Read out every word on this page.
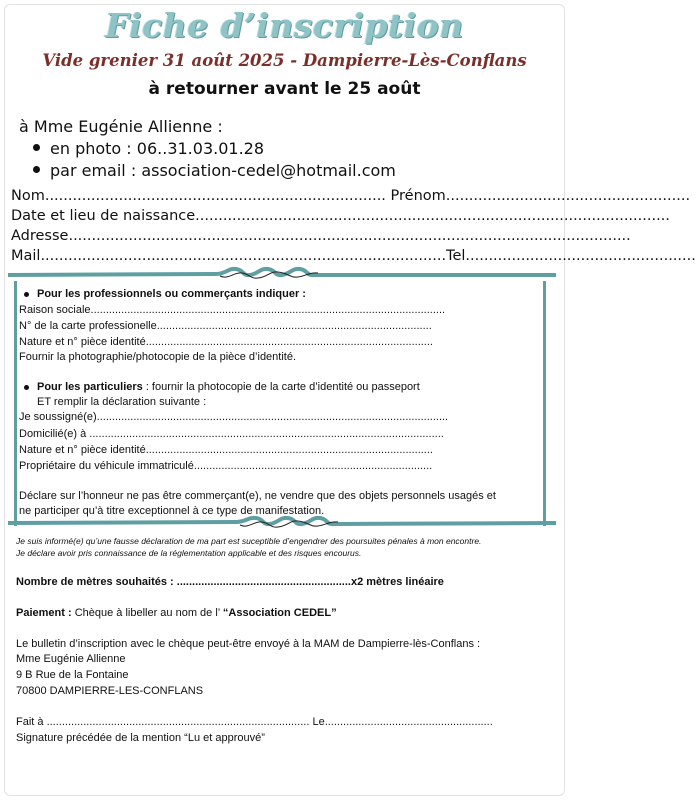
Fiche d’inscription
Vide grenier 31 août 2025 - Dampierre-Lès-Conflans
à retourner avant le 25 août
à Mme Eugénie Allienne :
en photo : 06..31.03.01.28
par email : association-cedel@hotmail.com
Nom.......................................................................... Prénom.....................................................
Date et lieu de naissance.......................................................................................................
Adresse..........................................................................................................................
Mail........................................................................................Tel..................................................
Pour les professionnels ou commerçants indiquer :
Raison sociale....................................................................................................................
N° de la carte professionelle..........................................................................................
Nature et n° pièce identité..............................................................................................
Fournir la photographie/photocopie de la pièce d’identité.
Pour les particuliers : fournir la photocopie de la carte d’identité ou passeport
ET remplir la déclaration suivante :
Je soussigné(e)...................................................................................................................
Domicilié(e) à ....................................................................................................................
Nature et n° pièce identité..............................................................................................
Propriétaire du véhicule immatriculé..............................................................................
Déclare sur l’honneur ne pas être commerçant(e), ne vendre que des objets personnels usagés et
ne participer qu’à titre exceptionnel à ce type de manifestation.
Je suis informé(e) qu’une fausse déclaration de ma part est suceptible d’engendrer des poursuites pénales à mon encontre.
Je déclare avoir pris connaissance de la réglementation applicable et des risques encourus.
Nombre de mètres souhaités : .........................................................x2 mètres linéaire
Paiement : Chèque à libeller au nom de l’ “Association CEDEL”
Le bulletin d’inscription avec le chèque peut-être envoyé à la MAM de Dampierre-lès-Conflans :
Mme Eugénie Allienne
9 B Rue de la Fontaine
70800 DAMPIERRE-LES-CONFLANS
Fait à ...................................................................................... Le.......................................................
Signature précédée de la mention “Lu et approuvé”
